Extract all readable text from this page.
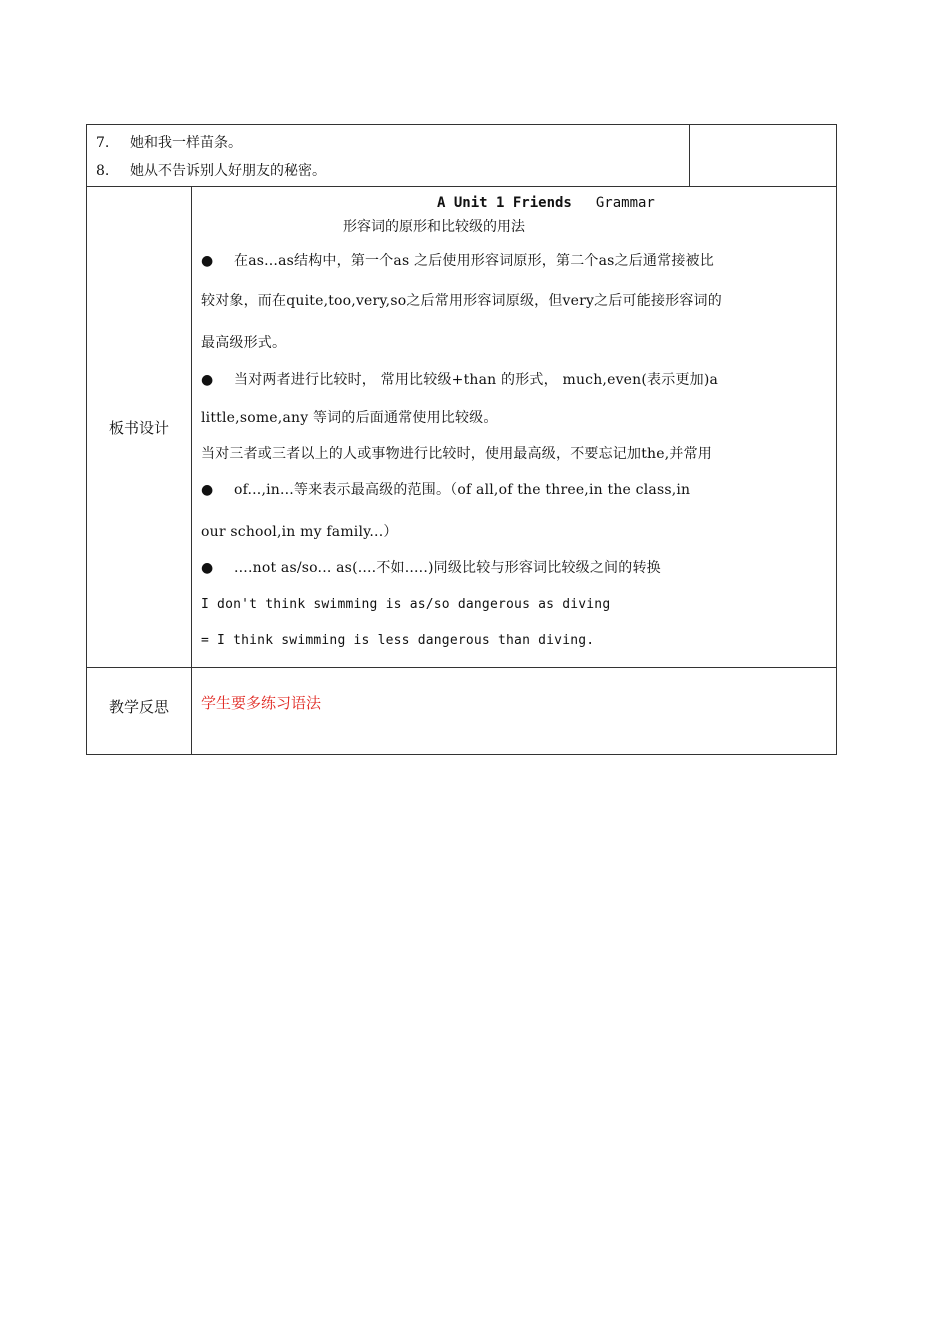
7. 她和我一样苗条。
8. 她从不告诉别人好朋友的秘密。
板书设计
A Unit 1 Friends Grammar
形容词的原形和比较级的用法
● 在as...as结构中，第一个as 之后使用形容词原形，第二个as之后通常接被比
较对象，而在quite,too,very,so之后常用形容词原级，但very之后可能接形容词的
最高级形式。
● 当对两者进行比较时， 常用比较级+than 的形式， much,even(表示更加)a
little,some,any 等词的后面通常使用比较级。
当对三者或三者以上的人或事物进行比较时，使用最高级，不要忘记加the,并常用
● of...,in...等来表示最高级的范围。（of all,of the three,in the class,in
our school,in my family...）
● ....not as/so... as(....不如.....)同级比较与形容词比较级之间的转换
I don't think swimming is as/so dangerous as diving
= I think swimming is less dangerous than diving.
教学反思	学生要多练习语法
